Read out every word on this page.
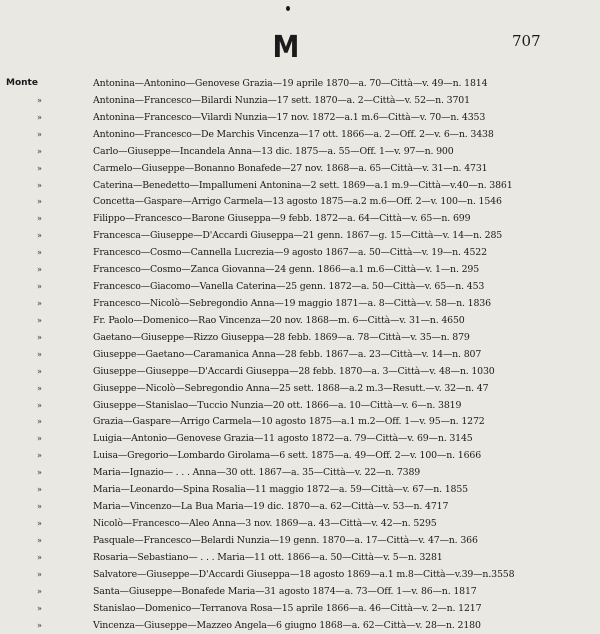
M	707
Monte	Antonina—Antonino—Genovese Grazia—19 aprile 1870—a. 70—Città—v. 49—n. 1814
»	Antonina—Francesco—Bilardi Nunzia—17 sett. 1870—a. 2—Città—v. 52—n. 3701
»	Antonina—Francesco—Vilardi Nunzia—17 nov. 1872—a.1 m.6—Città—v. 70—n. 4353
»	Antonino—Francesco—De Marchis Vincenza—17 ott. 1866—a. 2—Off. 2—v. 6—n. 3438
»	Carlo—Giuseppe—Incandela Anna—13 dic. 1875—a. 55—Off. 1—v. 97—n. 900
»	Carmelo—Giuseppe—Bonanno Bonafede—27 nov. 1868—a. 65—Città—v. 31—n. 4731
»	Caterina—Benedetto—Impallumeni Antonina—2 sett. 1869—a.1 m.9—Città—v.40—n. 3861
»	Concetta—Gaspare—Arrigo Carmela—13 agosto 1875—a.2 m.6—Off. 2—v. 100—n. 1546
»	Filippo—Francesco—Barone Giuseppa—9 febb. 1872—a. 64—Città—v. 65—n. 699
»	Francesca—Giuseppe—D'Accardi Giuseppa—21 genn. 1867—g. 15—Città—v. 14—n. 285
»	Francesco—Cosmo—Cannella Lucrezia—9 agosto 1867—a. 50—Città—v. 19—n. 4522
»	Francesco—Cosmo—Zanca Giovanna—24 genn. 1866—a.1 m.6—Città—v. 1—n. 295
»	Francesco—Giacomo—Vanella Caterina—25 genn. 1872—a. 50—Città—v. 65—n. 453
»	Francesco—Nicolò—Sebregondio Anna—19 maggio 1871—a. 8—Città—v. 58—n. 1836
»	Fr. Paolo—Domenico—Rao Vincenza—20 nov. 1868—m. 6—Città—v. 31—n. 4650
»	Gaetano—Giuseppe—Rizzo Giuseppa—28 febb. 1869—a. 78—Città—v. 35—n. 879
»	Giuseppe—Gaetano—Caramanica Anna—28 febb. 1867—a. 23—Città—v. 14—n. 807
»	Giuseppe—Giuseppe—D'Accardi Giuseppa—28 febb. 1870—a. 3—Città—v. 48—n. 1030
»	Giuseppe—Nicolò—Sebregondio Anna—25 sett. 1868—a.2 m.3—Resutt.—v. 32—n. 47
»	Giuseppe—Stanislao—Tuccio Nunzia—20 ott. 1866—a. 10—Città—v. 6—n. 3819
»	Grazia—Gaspare—Arrigo Carmela—10 agosto 1875—a.1 m.2—Off. 1—v. 95—n. 1272
»	Luigia—Antonio—Genovese Grazia—11 agosto 1872—a. 79—Città—v. 69—n. 3145
»	Luisa—Gregorio—Lombardo Girolama—6 sett. 1875—a. 49—Off. 2—v. 100—n. 1666
»	Maria—Ignazio— . . . Anna—30 ott. 1867—a. 35—Città—v. 22—n. 7389
»	Maria—Leonardo—Spina Rosalia—11 maggio 1872—a. 59—Città—v. 67—n. 1855
»	Maria—Vincenzo—La Bua Maria—19 dic. 1870—a. 62—Città—v. 53—n. 4717
»	Nicolò—Francesco—Aleo Anna—3 nov. 1869—a. 43—Città—v. 42—n. 5295
»	Pasquale—Francesco—Belardi Nunzia—19 genn. 1870—a. 17—Città—v. 47—n. 366
»	Rosaria—Sebastiano— . . . Maria—11 ott. 1866—a. 50—Città—v. 5—n. 3281
»	Salvatore—Giuseppe—D'Accardi Giuseppa—18 agosto 1869—a.1 m.8—Città—v.39—n.3558
»	Santa—Giuseppe—Bonafede Maria—31 agosto 1874—a. 73—Off. 1—v. 86—n. 1817
»	Stanislao—Domenico—Terranova Rosa—15 aprile 1866—a. 46—Città—v. 2—n. 1217
»	Vincenza—Giuseppe—Mazzeo Angela—6 giugno 1868—a. 62—Città—v. 28—n. 2180
